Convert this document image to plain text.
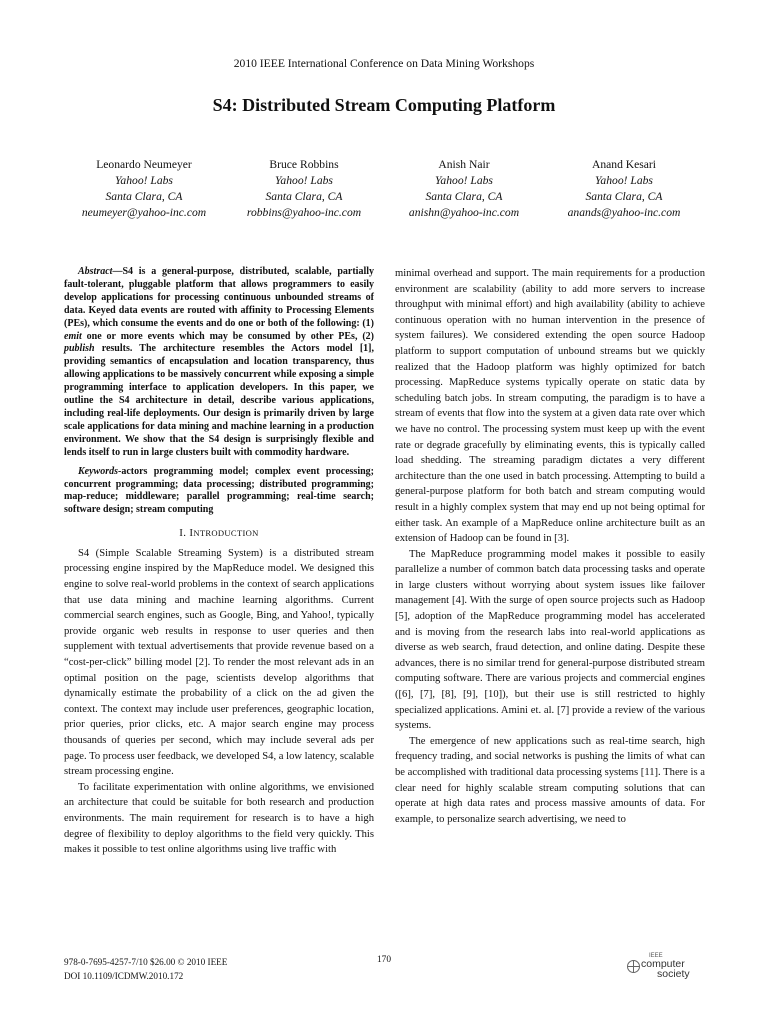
2010 IEEE International Conference on Data Mining Workshops
S4: Distributed Stream Computing Platform
Leonardo Neumeyer
Yahoo! Labs
Santa Clara, CA
neumeyer@yahoo-inc.com
Bruce Robbins
Yahoo! Labs
Santa Clara, CA
robbins@yahoo-inc.com
Anish Nair
Yahoo! Labs
Santa Clara, CA
anishn@yahoo-inc.com
Anand Kesari
Yahoo! Labs
Santa Clara, CA
anands@yahoo-inc.com

Abstract—S4 is a general-purpose, distributed, scalable, partially fault-tolerant, pluggable platform that allows programmers to easily develop applications for processing continuous unbounded streams of data. Keyed data events are routed with affinity to Processing Elements (PEs), which consume the events and do one or both of the following: (1) emit one or more events which may be consumed by other PEs, (2) publish results. The architecture resembles the Actors model [1], providing semantics of encapsulation and location transparency, thus allowing applications to be massively concurrent while exposing a simple programming interface to application developers. In this paper, we outline the S4 architecture in detail, describe various applications, including real-life deployments. Our design is primarily driven by large scale applications for data mining and machine learning in a production environment. We show that the S4 design is surprisingly flexible and lends itself to run in large clusters built with commodity hardware.

Keywords-actors programming model; complex event processing; concurrent programming; data processing; distributed programming; map-reduce; middleware; parallel programming; real-time search; software design; stream computing

I. INTRODUCTION

S4 (Simple Scalable Streaming System) is a distributed stream processing engine inspired by the MapReduce model. We designed this engine to solve real-world problems in the context of search applications that use data mining and machine learning algorithms. Current commercial search engines, such as Google, Bing, and Yahoo!, typically provide organic web results in response to user queries and then supplement with textual advertisements that provide revenue based on a “cost-per-click” billing model [2]. To render the most relevant ads in an optimal position on the page, scientists develop algorithms that dynamically estimate the probability of a click on the ad given the context. The context may include user preferences, geographic location, prior queries, prior clicks, etc. A major search engine may process thousands of queries per second, which may include several ads per page. To process user feedback, we developed S4, a low latency, scalable stream processing engine.

To facilitate experimentation with online algorithms, we envisioned an architecture that could be suitable for both research and production environments. The main requirement for research is to have a high degree of flexibility to deploy algorithms to the field very quickly. This makes it possible to test online algorithms using live traffic with

minimal overhead and support. The main requirements for a production environment are scalability (ability to add more servers to increase throughput with minimal effort) and high availability (ability to achieve continuous operation with no human intervention in the presence of system failures). We considered extending the open source Hadoop platform to support computation of unbound streams but we quickly realized that the Hadoop platform was highly optimized for batch processing. MapReduce systems typically operate on static data by scheduling batch jobs. In stream computing, the paradigm is to have a stream of events that flow into the system at a given data rate over which we have no control. The processing system must keep up with the event rate or degrade gracefully by eliminating events, this is typically called load shedding. The streaming paradigm dictates a very different architecture than the one used in batch processing. Attempting to build a general-purpose platform for both batch and stream computing would result in a highly complex system that may end up not being optimal for either task. An example of a MapReduce online architecture built as an extension of Hadoop can be found in [3].

The MapReduce programming model makes it possible to easily parallelize a number of common batch data processing tasks and operate in large clusters without worrying about system issues like failover management [4]. With the surge of open source projects such as Hadoop [5], adoption of the MapReduce programming model has accelerated and is moving from the research labs into real-world applications as diverse as web search, fraud detection, and online dating. Despite these advances, there is no similar trend for general-purpose distributed stream computing software. There are various projects and commercial engines ([6], [7], [8], [9], [10]), but their use is still restricted to highly specialized applications. Amini et. al. [7] provide a review of the various systems.

The emergence of new applications such as real-time search, high frequency trading, and social networks is pushing the limits of what can be accomplished with traditional data processing systems [11]. There is a clear need for highly scalable stream computing solutions that can operate at high data rates and process massive amounts of data. For example, to personalize search advertising, we need to

978-0-7695-4257-7/10 $26.00 © 2010 IEEE
DOI 10.1109/ICDMW.2010.172
170	IEEE
computer
society
